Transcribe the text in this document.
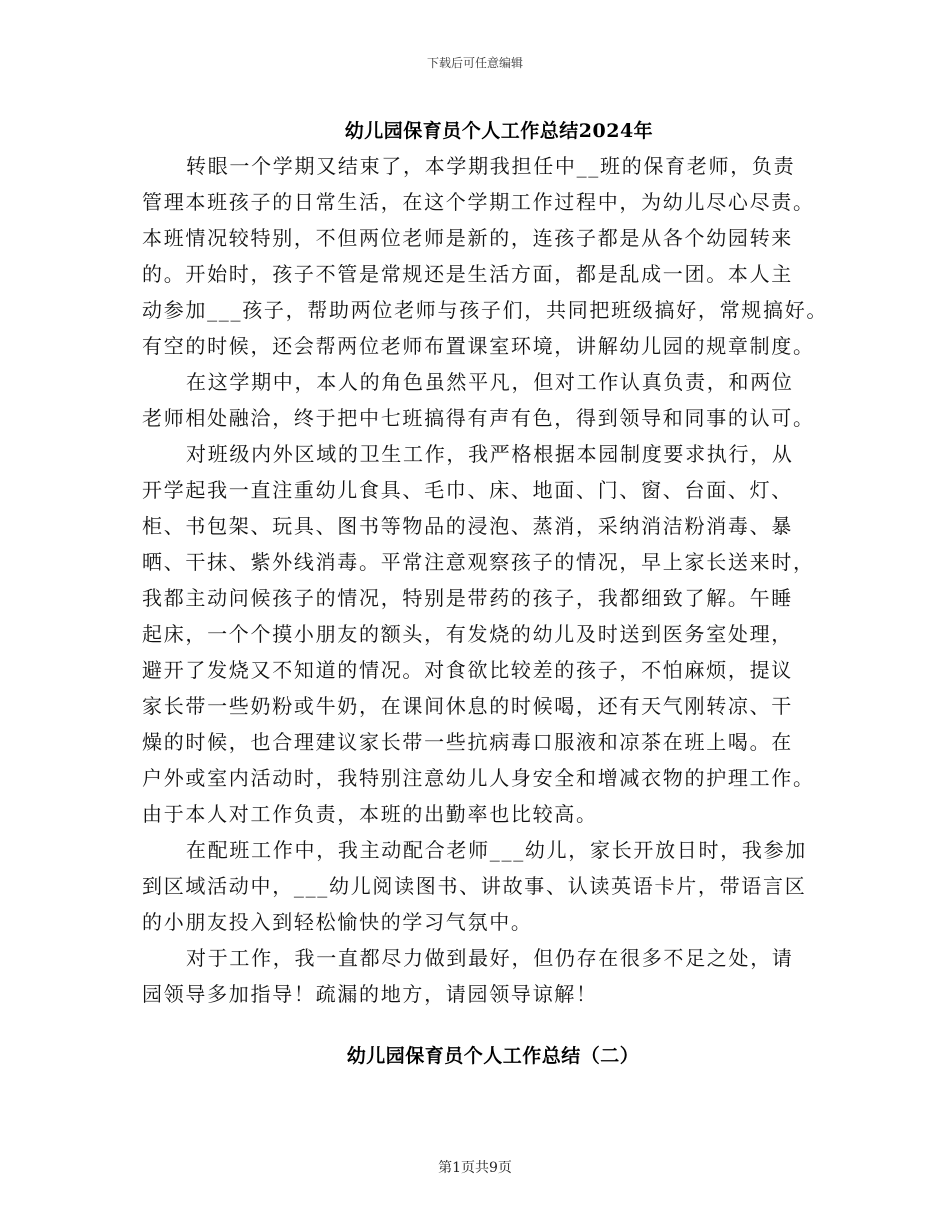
下载后可任意编辑
幼儿园保育员个人工作总结2024年
转眼一个学期又结束了，本学期我担任中__班的保育老师，负责
管理本班孩子的日常生活，在这个学期工作过程中，为幼儿尽心尽责。
本班情况较特别，不但两位老师是新的，连孩子都是从各个幼园转来
的。开始时，孩子不管是常规还是生活方面，都是乱成一团。本人主
动参加___孩子，帮助两位老师与孩子们，共同把班级搞好，常规搞好。
有空的时候，还会帮两位老师布置课室环境，讲解幼儿园的规章制度。
在这学期中，本人的角色虽然平凡，但对工作认真负责，和两位
老师相处融洽，终于把中七班搞得有声有色，得到领导和同事的认可。
对班级内外区域的卫生工作，我严格根据本园制度要求执行，从
开学起我一直注重幼儿食具、毛巾、床、地面、门、窗、台面、灯、
柜、书包架、玩具、图书等物品的浸泡、蒸消，采纳消洁粉消毒、暴
晒、干抹、紫外线消毒。平常注意观察孩子的情况，早上家长送来时，
我都主动问候孩子的情况，特别是带药的孩子，我都细致了解。午睡
起床，一个个摸小朋友的额头，有发烧的幼儿及时送到医务室处理，
避开了发烧又不知道的情况。对食欲比较差的孩子，不怕麻烦，提议
家长带一些奶粉或牛奶，在课间休息的时候喝，还有天气刚转凉、干
燥的时候，也合理建议家长带一些抗病毒口服液和凉茶在班上喝。在
户外或室内活动时，我特别注意幼儿人身安全和增减衣物的护理工作。
由于本人对工作负责，本班的出勤率也比较高。
在配班工作中，我主动配合老师___幼儿，家长开放日时，我参加
到区域活动中，___幼儿阅读图书、讲故事、认读英语卡片，带语言区
的小朋友投入到轻松愉快的学习气氛中。
对于工作，我一直都尽力做到最好，但仍存在很多不足之处，请
园领导多加指导！疏漏的地方，请园领导谅解！
幼儿园保育员个人工作总结（二）
第1页共9页
